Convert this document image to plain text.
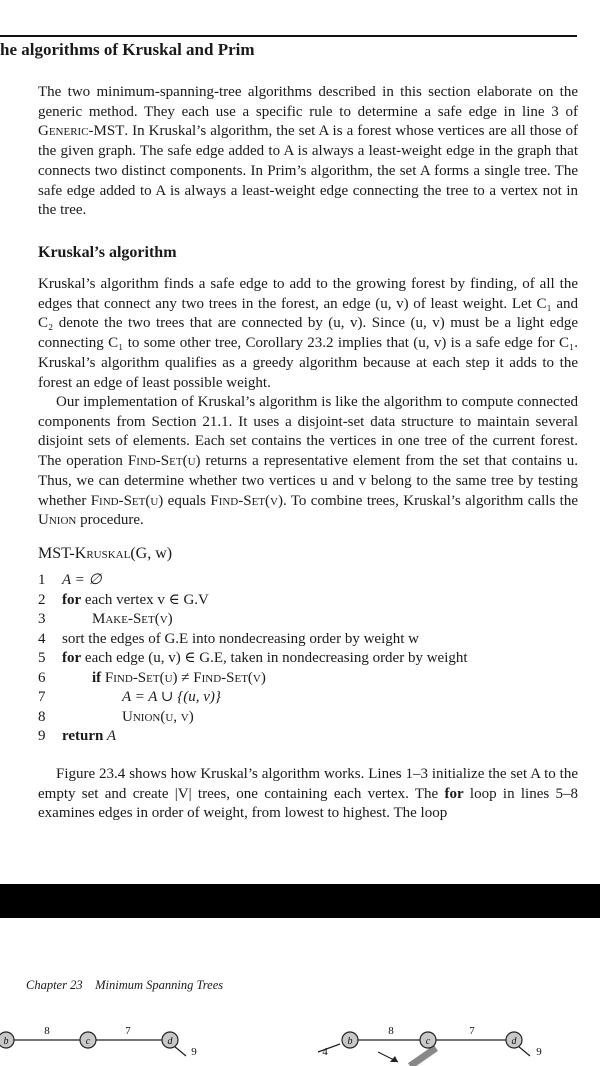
he algorithms of Kruskal and Prim

The two minimum-spanning-tree algorithms described in this section elaborate on the generic method. They each use a specific rule to determine a safe edge in line 3 of Generic-MST. In Kruskal’s algorithm, the set A is a forest whose vertices are all those of the given graph. The safe edge added to A is always a least-weight edge in the graph that connects two distinct components. In Prim’s algorithm, the set A forms a single tree. The safe edge added to A is always a least-weight edge connecting the tree to a vertex not in the tree.

Kruskal’s algorithm

Kruskal’s algorithm finds a safe edge to add to the growing forest by finding, of all the edges that connect any two trees in the forest, an edge (u, v) of least weight. Let C₁ and C₂ denote the two trees that are connected by (u, v). Since (u, v) must be a light edge connecting C₁ to some other tree, Corollary 23.2 implies that (u, v) is a safe edge for C₁. Kruskal’s algorithm qualifies as a greedy algorithm because at each step it adds to the forest an edge of least possible weight.

Our implementation of Kruskal’s algorithm is like the algorithm to compute connected components from Section 21.1. It uses a disjoint-set data structure to maintain several disjoint sets of elements. Each set contains the vertices in one tree of the current forest. The operation Find-Set(u) returns a representative element from the set that contains u. Thus, we can determine whether two vertices u and v belong to the same tree by testing whether Find-Set(u) equals Find-Set(v). To combine trees, Kruskal’s algorithm calls the Union procedure.

MST-Kruskal(G, w)
1 A = ∅
2 for each vertex v ∈ G.V
3	Make-Set(v)
4 sort the edges of G.E into nondecreasing order by weight w
5 for each edge (u, v) ∈ G.E, taken in nondecreasing order by weight
6	if Find-Set(u) ≠ Find-Set(v)
7	A = A ∪ {(u, v)}
8	Union(u, v)
9 return A

Figure 23.4 shows how Kruskal’s algorithm works. Lines 1–3 initialize the set A to the empty set and create |V| trees, one containing each vertex. The for loop in lines 5–8 examines edges in order of weight, from lowest to highest. The loop

Chapter 23 Minimum Spanning Trees
b	c	d	b	c	d
8	7
9	4
8	7
9
